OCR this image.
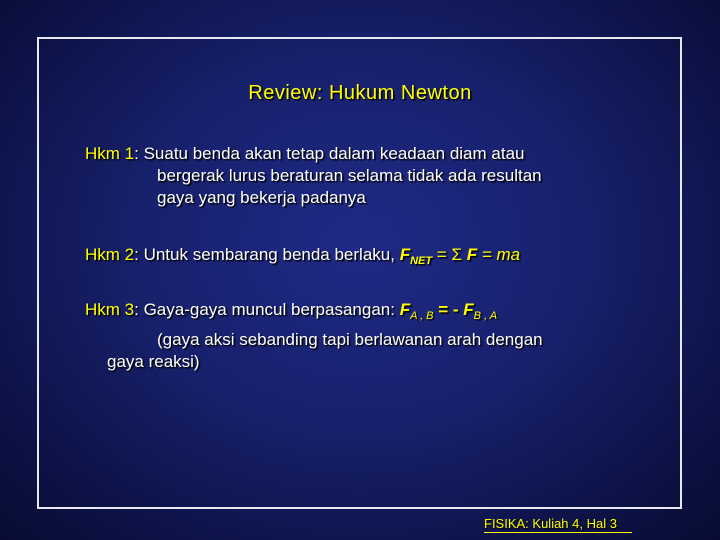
Review: Hukum Newton
Hkm 1: Suatu benda akan tetap dalam keadaan diam atau
bergerak lurus beraturan selama tidak ada resultan
gaya yang bekerja padanya
Hkm 2: Untuk sembarang benda berlaku, $F_{NET} = \Sigma$ F = ma
Hkm 3: Gaya-gaya muncul berpasangan: $F_{A , B}$ = - $F_{B , A}$
(gaya aksi sebanding tapi berlawanan arah dengan
gaya reaksi)
FISIKA: Kuliah 4, Hal 3
